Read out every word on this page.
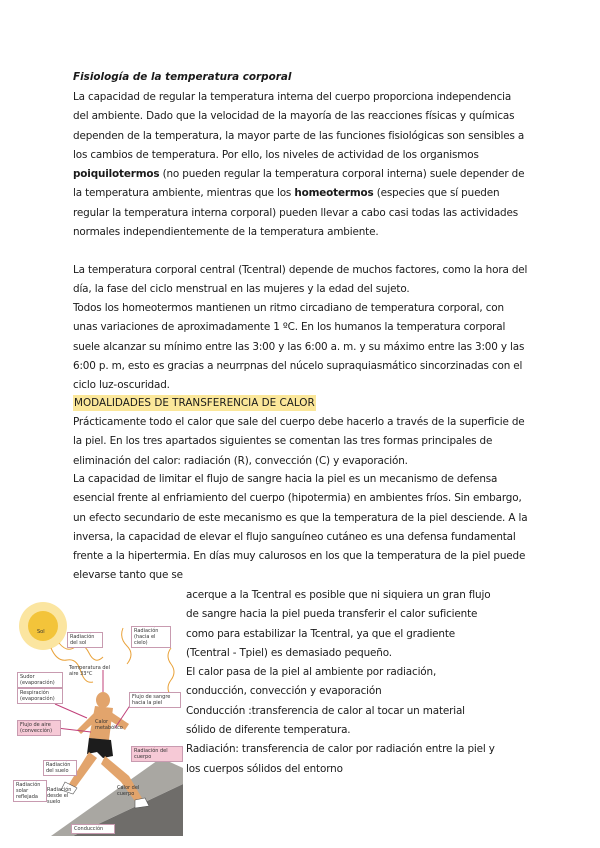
Fisiología de la temperatura corporal
La capacidad de regular la temperatura interna del cuerpo proporciona independencia del ambiente. Dado que la velocidad de la mayoría de las reacciones físicas y químicas dependen de la temperatura, la mayor parte de las funciones fisiológicas son sensibles a los cambios de temperatura. Por ello, los niveles de actividad de los organismos poiquilotermos (no pueden regular la temperatura corporal interna) suele depender de la temperatura ambiente, mientras que los homeotermos (especies que sí pueden regular la temperatura interna corporal) pueden llevar a cabo casi todas las actividades normales independientemente de la temperatura ambiente.
La temperatura corporal central (Tcentral) depende de muchos factores, como la hora del día, la fase del ciclo menstrual en las mujeres y la edad del sujeto.
Todos los homeotermos mantienen un ritmo circadiano de temperatura corporal, con unas variaciones de aproximadamente 1 ºC. En los humanos la temperatura corporal suele alcanzar su mínimo entre las 3:00 y las 6:00 a. m. y su máximo entre las 3:00 y las 6:00 p. m, esto es gracias a neurrpnas del núcelo supraquiasmático sincorzinadas con el ciclo luz-oscuridad.
MODALIDADES DE TRANSFERENCIA DE CALOR
Prácticamente todo el calor que sale del cuerpo debe hacerlo a través de la superficie de la piel. En los tres apartados siguientes se comentan las tres formas principales de eliminación del calor: radiación (R), convección (C) y evaporación.
La capacidad de limitar el flujo de sangre hacia la piel es un mecanismo de defensa esencial frente al enfriamiento del cuerpo (hipotermia) en ambientes fríos. Sin embargo, un efecto secundario de este mecanismo es que la temperatura de la piel desciende. A la inversa, la capacidad de elevar el flujo sanguíneo cutáneo es una defensa fundamental frente a la hipertermia. En días muy calurosos en los que la temperatura de la piel puede elevarse tanto que se
acerque a la Tcentral es posible que ni siquiera un gran flujo
de sangre hacia la piel pueda transferir el calor suficiente
como para estabilizar la Tcentral, ya que el gradiente
(Tcentral - Tpiel) es demasiado pequeño.
El calor pasa de la piel al ambiente por radiación,
conducción, convección y evaporación
Conducción :transferencia de calor al tocar un material
sólido de diferente temperatura.
Radiación: transferencia de calor por radiación entre la piel y
los cuerpos sólidos del entorno
Sol
Radiación del sol
Radiación (hacia el cielo)
Temperatura del aire 33°C
Sudor (evaporación)
Respiración (evaporación)	Flujo de sangre hacia la piel
Flujo de aire (convección)
Calor metabólico
Radiación del cuerpo
Radiación del suelo
Radiación solar reflejada
Radiación desde el suelo
Calor del cuerpo
Conducción
